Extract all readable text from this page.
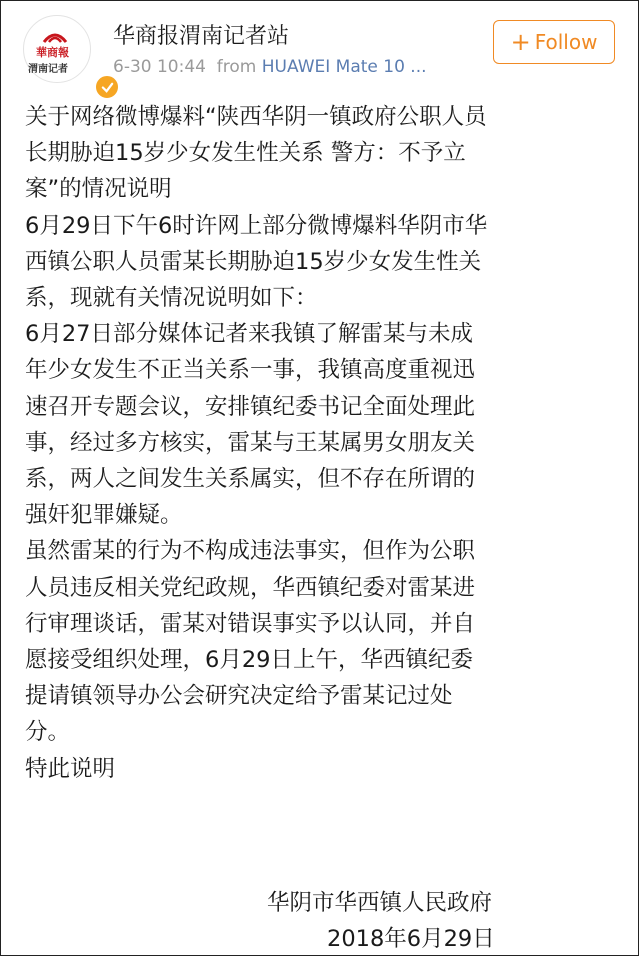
華商報
渭南记者
华商报渭南记者站
6-30 10:44 from HUAWEI Mate 10 ...
+ Follow

关于网络微博爆料“陕西华阴一镇政府公职人员

长期胁迫15岁少女发生性关系 警方：不予立

案”的情况说明

6月29日下午6时许网上部分微博爆料华阴市华

西镇公职人员雷某长期胁迫15岁少女发生性关

系，现就有关情况说明如下：

6月27日部分媒体记者来我镇了解雷某与未成

年少女发生不正当关系一事，我镇高度重视迅

速召开专题会议，安排镇纪委书记全面处理此

事，经过多方核实，雷某与王某属男女朋友关

系，两人之间发生关系属实，但不存在所谓的

强奸犯罪嫌疑。

虽然雷某的行为不构成违法事实，但作为公职

人员违反相关党纪政规，华西镇纪委对雷某进

行审理谈话，雷某对错误事实予以认同，并自

愿接受组织处理，6月29日上午，华西镇纪委

提请镇领导办公会研究决定给予雷某记过处

分。

特此说明

华阴市华西镇人民政府
2018年6月29日
